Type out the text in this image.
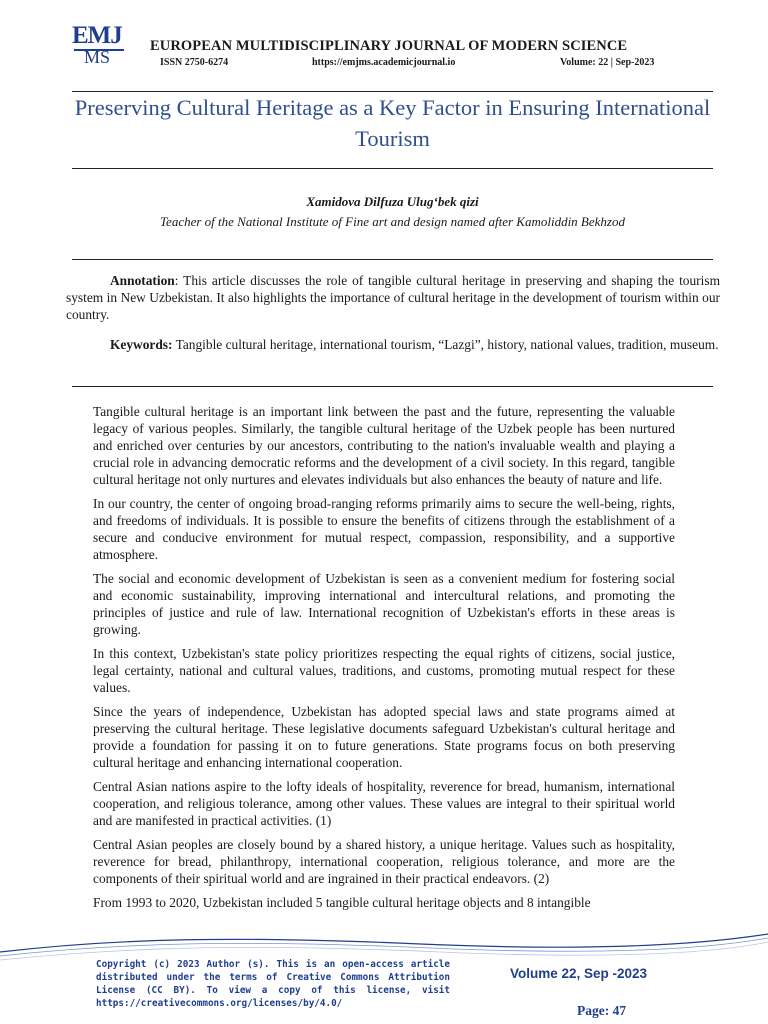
EMJ
MS
EUROPEAN MULTIDISCIPLINARY JOURNAL OF MODERN SCIENCE
ISSN 2750-6274	https://emjms.academicjournal.io	Volume: 22 | Sep-2023
Preserving Cultural Heritage as a Key Factor in Ensuring International Tourism
Xamidova Dilfuza Ulug‘bek qizi
Teacher of the National Institute of Fine art and design named after Kamoliddin Bekhzod
Annotation: This article discusses the role of tangible cultural heritage in preserving and shaping the tourism system in New Uzbekistan. It also highlights the importance of cultural heritage in the development of tourism within our country.
Keywords: Tangible cultural heritage, international tourism, “Lazgi”, history, national values, tradition, museum.

Tangible cultural heritage is an important link between the past and the future, representing the valuable legacy of various peoples. Similarly, the tangible cultural heritage of the Uzbek people has been nurtured and enriched over centuries by our ancestors, contributing to the nation's invaluable wealth and playing a crucial role in advancing democratic reforms and the development of a civil society. In this regard, tangible cultural heritage not only nurtures and elevates individuals but also enhances the beauty of nature and life.

In our country, the center of ongoing broad-ranging reforms primarily aims to secure the well-being, rights, and freedoms of individuals. It is possible to ensure the benefits of citizens through the establishment of a secure and conducive environment for mutual respect, compassion, responsibility, and a supportive atmosphere.

The social and economic development of Uzbekistan is seen as a convenient medium for fostering social and economic sustainability, improving international and intercultural relations, and promoting the principles of justice and rule of law. International recognition of Uzbekistan's efforts in these areas is growing.

In this context, Uzbekistan's state policy prioritizes respecting the equal rights of citizens, social justice, legal certainty, national and cultural values, traditions, and customs, promoting mutual respect for these values.

Since the years of independence, Uzbekistan has adopted special laws and state programs aimed at preserving the cultural heritage. These legislative documents safeguard Uzbekistan's cultural heritage and provide a foundation for passing it on to future generations. State programs focus on both preserving cultural heritage and enhancing international cooperation.

Central Asian nations aspire to the lofty ideals of hospitality, reverence for bread, humanism, international cooperation, and religious tolerance, among other values. These values are integral to their spiritual world and are manifested in practical activities. (1)

Central Asian peoples are closely bound by a shared history, a unique heritage. Values such as hospitality, reverence for bread, philanthropy, international cooperation, religious tolerance, and more are the components of their spiritual world and are ingrained in their practical endeavors. (2)

From 1993 to 2020, Uzbekistan included 5 tangible cultural heritage objects and 8 intangible

Copyright (c) 2023 Author (s). This is an open-access article distributed under the terms of Creative Commons Attribution License (CC BY). To view a copy of this license, visit https://creativecommons.org/licenses/by/4.0/
Volume 22, Sep -2023
Page: 47
